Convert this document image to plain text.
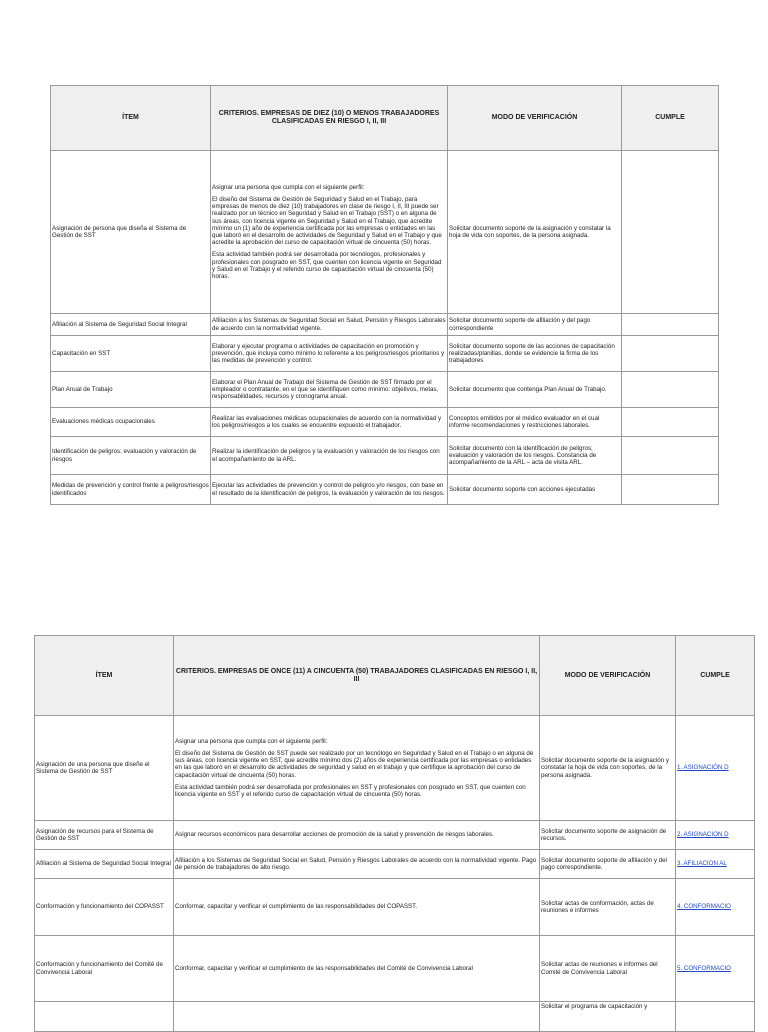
ÍTEM	CRITERIOS. EMPRESAS DE DIEZ (10) O MENOS TRABAJADORES CLASIFICADAS EN RIESGO I, II, III	MODO DE VERIFICACIÓN	CUMPLE
Asignación de persona que diseña el Sistema de Gestión de SST	Asignar una persona que cumpla con el siguiente perfil:

El diseño del Sistema de Gestión de Seguridad y Salud en el Trabajo, para empresas de menos de diez (10) trabajadores en clase de riesgo I, II, III puede ser realizado por un técnico en Seguridad y Salud en el Trabajo (SST) o en alguna de sus áreas, con licencia vigente en Seguridad y Salud en el Trabajo, que acredite mínimo un (1) año de experiencia certificada por las empresas o entidades en las que laboró en el desarrollo de actividades de Seguridad y Salud en el Trabajo y que acredite la aprobación del curso de capacitación virtual de cincuenta (50) horas.

Esta actividad también podrá ser desarrollada por tecnólogos, profesionales y profesionales con posgrado en SST, que cuenten con licencia vigente en Seguridad y Salud en el Trabajo y el referido curso de capacitación virtual de cincuenta (50) horas.	Solicitar documento soporte de la asignación y constatar la hoja de vida con soportes, de la persona asignada.	
Afiliación al Sistema de Seguridad Social Integral	Afiliación a los Sistemas de Seguridad Social en Salud, Pensión y Riesgos Laborales de acuerdo con la normatividad vigente.	Solicitar documento soporte de afiliación y del pago correspondiente	
Capacitación en SST	Elaborar y ejecutar programa o actividades de capacitación en promoción y prevención, que incluya como mínimo lo referente a los peligros/riesgos prioritarios y las medidas de prevención y control.	Solicitar documento soporte de las acciones de capacitación realizadas/planillas, donde se evidencie la firma de los trabajadores	
Plan Anual de Trabajo	Elaborar el Plan Anual de Trabajo del Sistema de Gestión de SST firmado por el empleador o contratante, en el que se identifiquen como mínimo: objetivos, metas, responsabilidades, recursos y cronograma anual.	Solicitar documento que contenga Plan Anual de Trabajo.	
Evaluaciones médicas ocupacionales	Realizar las evaluaciones médicas ocupacionales de acuerdo con la normatividad y los peligros/riesgos a los cuales se encuentre expuesto el trabajador.	Conceptos emitidos por el médico evaluador en el cual informe recomendaciones y restricciones laborales.	
Identificación de peligros; evaluación y valoración de riesgos	Realizar la identificación de peligros y la evaluación y valoración de los riesgos con el acompañamiento de la ARL.	Solicitar documento con la identificación de peligros; evaluación y valoración de los riesgos. Constancia de acompañamiento de la ARL – acta de visita ARL.	
Medidas de prevención y control frente a peligros/riesgos identificados	Ejecutar las actividades de prevención y control de peligros y/o riesgos, con base en el resultado de la identificación de peligros, la evaluación y valoración de los riesgos.	Solicitar documento soporte con acciones ejecutadas	
ÍTEM	CRITERIOS. EMPRESAS DE ONCE (11) A CINCUENTA (50) TRABAJADORES CLASIFICADAS EN RIESGO I, II, III	MODO DE VERIFICACIÓN	CUMPLE
Asignación de una persona que diseñe el Sistema de Gestión de SST	Asignar una persona que cumpla con el siguiente perfil:

El diseño del Sistema de Gestión de SST puede ser realizado por un tecnólogo en Seguridad y Salud en el Trabajo o en alguna de sus áreas, con licencia vigente en SST, que acredite mínimo dos (2) años de experiencia certificada por las empresas o entidades en las que laboró en el desarrollo de actividades de seguridad y salud en el trabajo y que certifique la aprobación del curso de capacitación virtual de cincuenta (50) horas.

Esta actividad también podrá ser desarrollada por profesionales en SST y profesionales con posgrado en SST, que cuenten con licencia vigente en SST y el referido curso de capacitación virtual de cincuenta (50) horas.	Solicitar documento soporte de la asignación y constatar la hoja de vida con soportes, de la persona asignada.	1. ASIGNACIÓN D
Asignación de recursos para el Sistema de Gestión de SST	Asignar recursos económicos para desarrollar acciones de promoción de la salud y prevención de riesgos laborales.	Solicitar documento soporte de asignación de recursos.	2. ASIGNACION D
Afiliación al Sistema de Seguridad Social Integral	Afiliación a los Sistemas de Seguridad Social en Salud, Pensión y Riesgos Laborales de acuerdo con la normatividad vigente. Pago de pensión de trabajadores de alto riesgo.	Solicitar documento soporte de afiliación y del pago correspondiente.	3. AFILIACION AL
Conformación y funcionamiento del COPASST	Conformar, capacitar y verificar el cumplimiento de las responsabilidades del COPASST.	Solicitar actas de conformación, actas de reuniones e informes	4. CONFORMACIO
Conformación y funcionamiento del Comité de Convivencia Laboral	Conformar, capacitar y verificar el cumplimiento de las responsabilidades del Comité de Convivencia Laboral	Solicitar actas de reuniones e informes del Comité de Convivencia Laboral	5. CONFORMACIO
		Solicitar el programa de capacitación y	
